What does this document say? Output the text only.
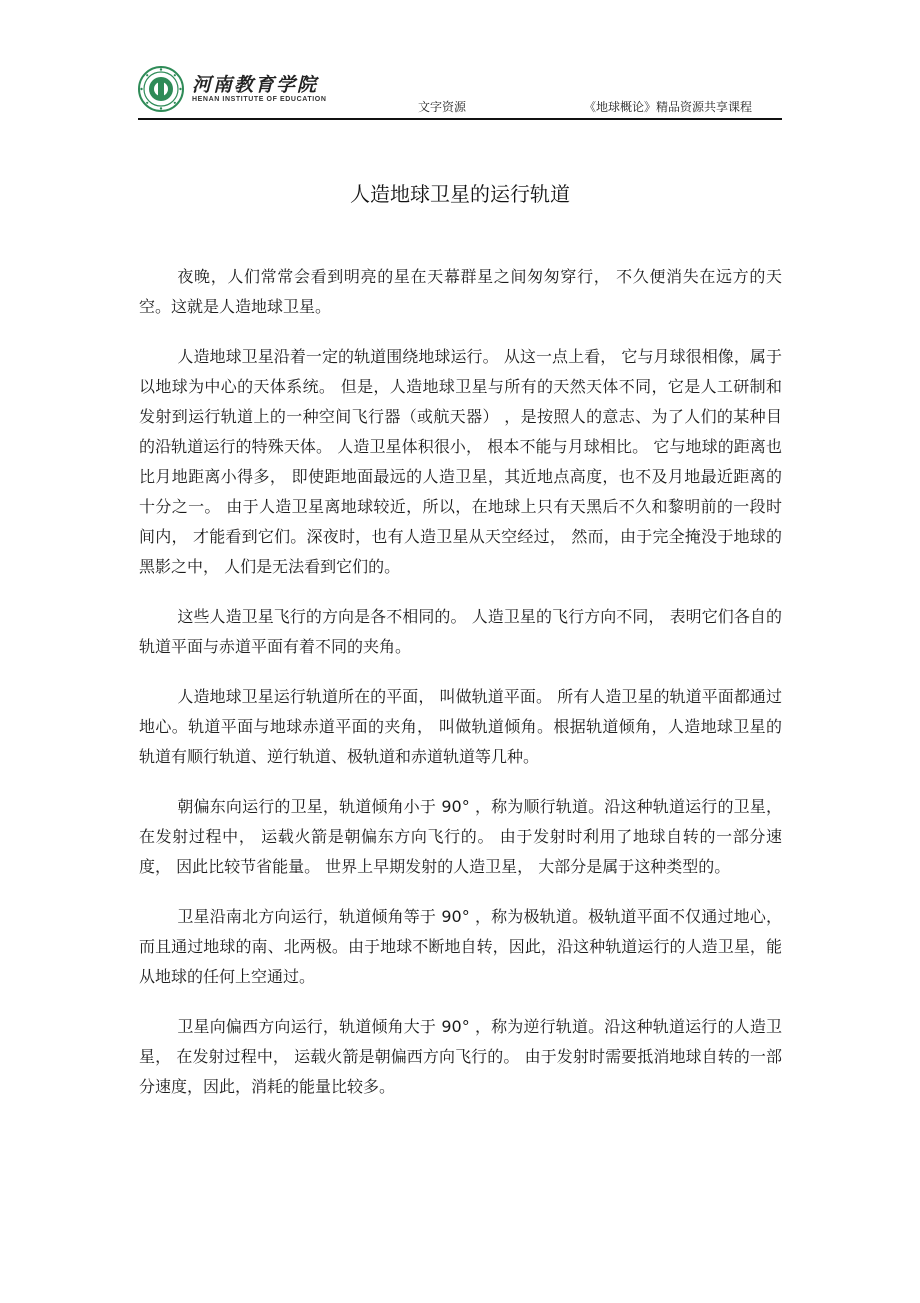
河南教育学院
HENAN INSTITUTE OF EDUCATION
文字资源	《地球概论》精品资源共享课程
人造地球卫星的运行轨道

夜晚，人们常常会看到明亮的星在天幕群星之间匆匆穿行， 不久便消失在远方的天空。这就是人造地球卫星。

人造地球卫星沿着一定的轨道围绕地球运行。 从这一点上看， 它与月球很相像，属于以地球为中心的天体系统。 但是，人造地球卫星与所有的天然天体不同，它是人工研制和发射到运行轨道上的一种空间飞行器（或航天器） ，是按照人的意志、为了人们的某种目的沿轨道运行的特殊天体。 人造卫星体积很小， 根本不能与月球相比。 它与地球的距离也比月地距离小得多， 即使距地面最远的人造卫星，其近地点高度，也不及月地最近距离的十分之一。 由于人造卫星离地球较近，所以，在地球上只有天黑后不久和黎明前的一段时间内， 才能看到它们。深夜时，也有人造卫星从天空经过， 然而，由于完全掩没于地球的黑影之中， 人们是无法看到它们的。

这些人造卫星飞行的方向是各不相同的。 人造卫星的飞行方向不同， 表明它们各自的轨道平面与赤道平面有着不同的夹角。

人造地球卫星运行轨道所在的平面， 叫做轨道平面。 所有人造卫星的轨道平面都通过地心。轨道平面与地球赤道平面的夹角， 叫做轨道倾角。根据轨道倾角，人造地球卫星的轨道有顺行轨道、逆行轨道、极轨道和赤道轨道等几种。

朝偏东向运行的卫星，轨道倾角小于 90° ，称为顺行轨道。沿这种轨道运行的卫星，在发射过程中， 运载火箭是朝偏东方向飞行的。 由于发射时利用了地球自转的一部分速度， 因此比较节省能量。 世界上早期发射的人造卫星， 大部分是属于这种类型的。

卫星沿南北方向运行，轨道倾角等于 90° ，称为极轨道。极轨道平面不仅通过地心，而且通过地球的南、北两极。由于地球不断地自转，因此，沿这种轨道运行的人造卫星，能从地球的任何上空通过。

卫星向偏西方向运行，轨道倾角大于 90° ，称为逆行轨道。沿这种轨道运行的人造卫星， 在发射过程中， 运载火箭是朝偏西方向飞行的。 由于发射时需要抵消地球自转的一部分速度，因此，消耗的能量比较多。
